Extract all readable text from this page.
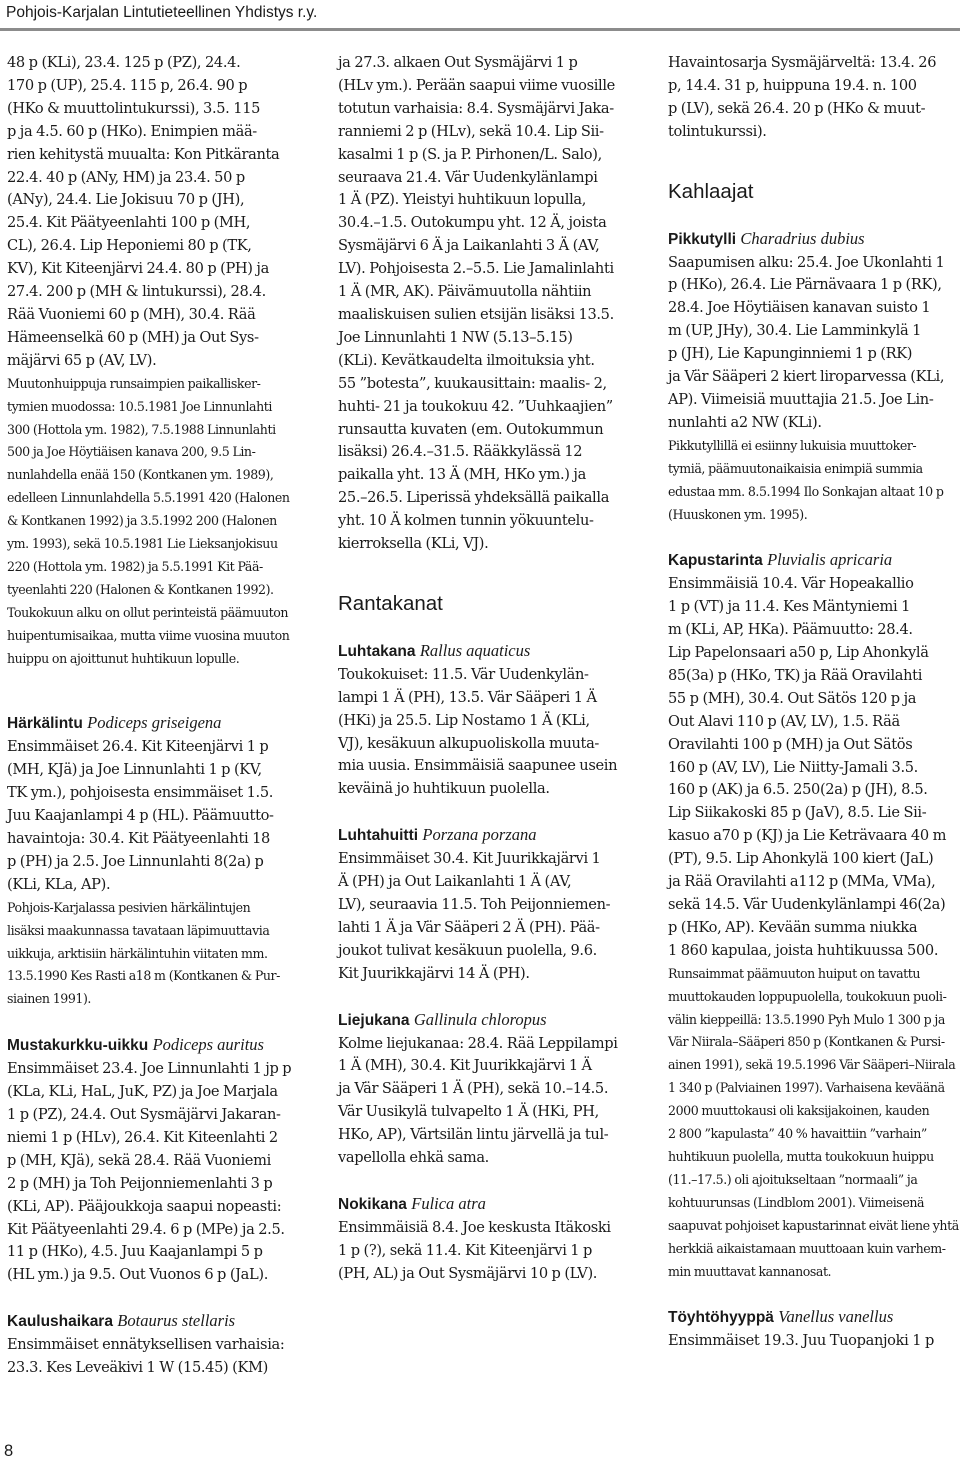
Pohjois-Karjalan Lintutieteellinen Yhdistys r.y.

48 p (KLi), 23.4. 125 p (PZ), 24.4.
170 p (UP), 25.4. 115 p, 26.4. 90 p
(HKo & muuttolintukurssi), 3.5. 115
p ja 4.5. 60 p (HKo). Enimpien mää-
rien kehitystä muualta: Kon Pitkäranta
22.4. 40 p (ANy, HM) ja 23.4. 50 p
(ANy), 24.4. Lie Jokisuu 70 p (JH),
25.4. Kit Päätyeenlahti 100 p (MH,
CL), 26.4. Lip Heponiemi 80 p (TK,
KV), Kit Kiteenjärvi 24.4. 80 p (PH) ja
27.4. 200 p (MH & lintukurssi), 28.4.
Rää Vuoniemi 60 p (MH), 30.4. Rää
Hämeenselkä 60 p (MH) ja Out Sys-
mäjärvi 65 p (AV, LV).

Muutonhuippuja runsaimpien paikallisker-
tymien muodossa: 10.5.1981 Joe Linnunlahti
300 (Hottola ym. 1982), 7.5.1988 Linnunlahti
500 ja Joe Höytiäisen kanava 200, 9.5 Lin-
nunlahdella enää 150 (Kontkanen ym. 1989),
edelleen Linnunlahdella 5.5.1991 420 (Halonen
& Kontkanen 1992) ja 3.5.1992 200 (Halonen
ym. 1993), sekä 10.5.1981 Lie Lieksanjokisuu
220 (Hottola ym. 1982) ja 5.5.1991 Kit Pää-
tyeenlahti 220 (Halonen & Kontkanen 1992).
Toukokuun alku on ollut perinteistä päämuuton
huipentumisaikaa, mutta viime vuosina muuton
huippu on ajoittunut huhtikuun lopulle.

Härkälintu Podiceps griseigena

Ensimmäiset 26.4. Kit Kiteenjärvi 1 p
(MH, KJä) ja Joe Linnunlahti 1 p (KV,
TK ym.), pohjoisesta ensimmäiset 1.5.
Juu Kaajanlampi 4 p (HL). Päämuutto-
havaintoja: 30.4. Kit Päätyeenlahti 18
p (PH) ja 2.5. Joe Linnunlahti 8(2a) p
(KLi, KLa, AP).

Pohjois-Karjalassa pesivien härkälintujen
lisäksi maakunnassa tavataan läpimuuttavia
uikkuja, arktisiin härkälintuhin viitaten mm.
13.5.1990 Kes Rasti a18 m (Kontkanen & Pur-
siainen 1991).

Mustakurkku-uikku Podiceps auritus

Ensimmäiset 23.4. Joe Linnunlahti 1 jp p
(KLa, KLi, HaL, JuK, PZ) ja Joe Marjala
1 p (PZ), 24.4. Out Sysmäjärvi Jakaran-
niemi 1 p (HLv), 26.4. Kit Kiteenlahti 2
p (MH, KJä), sekä 28.4. Rää Vuoniemi
2 p (MH) ja Toh Peijonniemenlahti 3 p
(KLi, AP). Pääjoukkoja saapui nopeasti:
Kit Päätyeenlahti 29.4. 6 p (MPe) ja 2.5.
11 p (HKo), 4.5. Juu Kaajanlampi 5 p
(HL ym.) ja 9.5. Out Vuonos 6 p (JaL).

Kaulushaikara Botaurus stellaris

Ensimmäiset ennätyksellisen varhaisia:
23.3. Kes Leveäkivi 1 W (15.45) (KM)

ja 27.3. alkaen Out Sysmäjärvi 1 p
(HLv ym.). Perään saapui viime vuosille
totutun varhaisia: 8.4. Sysmäjärvi Jaka-
ranniemi 2 p (HLv), sekä 10.4. Lip Sii-
kasalmi 1 p (S. ja P. Pirhonen/L. Salo),
seuraava 21.4. Vär Uudenkylänlampi
1 Ä (PZ). Yleistyi huhtikuun lopulla,
30.4.–1.5. Outokumpu yht. 12 Ä, joista
Sysmäjärvi 6 Ä ja Laikanlahti 3 Ä (AV,
LV). Pohjoisesta 2.–5.5. Lie Jamalinlahti
1 Ä (MR, AK). Päivämuutolla nähtiin
maaliskuisen sulien etsijän lisäksi 13.5.
Joe Linnunlahti 1 NW (5.13–5.15)
(KLi). Kevätkaudelta ilmoituksia yht.
55 ”botesta”, kuukausittain: maalis- 2,
huhti- 21 ja toukokuu 42. ”Uuhkaajien”
runsautta kuvaten (em. Outokummun
lisäksi) 26.4.–31.5. Rääkkylässä 12
paikalla yht. 13 Ä (MH, HKo ym.) ja
25.–26.5. Liperissä yhdeksällä paikalla
yht. 10 Ä kolmen tunnin yökuuntelu-
kierroksella (KLi, VJ).

Rantakanat
Luhtakana Rallus aquaticus

Toukokuiset: 11.5. Vär Uudenkylän-
lampi 1 Ä (PH), 13.5. Vär Sääperi 1 Ä
(HKi) ja 25.5. Lip Nostamo 1 Ä (KLi,
VJ), kesäkuun alkupuoliskolla muuta-
mia uusia. Ensimmäisiä saapunee usein
keväinä jo huhtikuun puolella.

Luhtahuitti Porzana porzana

Ensimmäiset 30.4. Kit Juurikkajärvi 1
Ä (PH) ja Out Laikanlahti 1 Ä (AV,
LV), seuraavia 11.5. Toh Peijonniemen-
lahti 1 Ä ja Vär Sääperi 2 Ä (PH). Pää-
joukot tulivat kesäkuun puolella, 9.6.
Kit Juurikkajärvi 14 Ä (PH).

Liejukana Gallinula chloropus

Kolme liejukanaa: 28.4. Rää Leppilampi
1 Ä (MH), 30.4. Kit Juurikkajärvi 1 Ä
ja Vär Sääperi 1 Ä (PH), sekä 10.–14.5.
Vär Uusikylä tulvapelto 1 Ä (HKi, PH,
HKo, AP), Värtsilän lintu järvellä ja tul-
vapellolla ehkä sama.

Nokikana Fulica atra

Ensimmäisiä 8.4. Joe keskusta Itäkoski
1 p (?), sekä 11.4. Kit Kiteenjärvi 1 p
(PH, AL) ja Out Sysmäjärvi 10 p (LV).

Havaintosarja Sysmäjärveltä: 13.4. 26
p, 14.4. 31 p, huippuna 19.4. n. 100
p (LV), sekä 26.4. 20 p (HKo & muut-
tolintukurssi).

Kahlaajat
Pikkutylli Charadrius dubius

Saapumisen alku: 25.4. Joe Ukonlahti 1
p (HKo), 26.4. Lie Pärnävaara 1 p (RK),
28.4. Joe Höytiäisen kanavan suisto 1
m (UP, JHy), 30.4. Lie Lamminkylä 1
p (JH), Lie Kapunginniemi 1 p (RK)
ja Vär Sääperi 2 kiert liroparvessa (KLi,
AP). Viimeisiä muuttajia 21.5. Joe Lin-
nunlahti a2 NW (KLi).

Pikkutyllillä ei esiinny lukuisia muuttoker-
tymiä, päämuutonaikaisia enimpiä summia
edustaa mm. 8.5.1994 Ilo Sonkajan altaat 10 p
(Huuskonen ym. 1995).

Kapustarinta Pluvialis apricaria

Ensimmäisiä 10.4. Vär Hopeakallio
1 p (VT) ja 11.4. Kes Mäntyniemi 1
m (KLi, AP, HKa). Päämuutto: 28.4.
Lip Papelonsaari a50 p, Lip Ahonkylä
85(3a) p (HKo, TK) ja Rää Oravilahti
55 p (MH), 30.4. Out Sätös 120 p ja
Out Alavi 110 p (AV, LV), 1.5. Rää
Oravilahti 100 p (MH) ja Out Sätös
160 p (AV, LV), Lie Niitty-Jamali 3.5.
160 p (AK) ja 6.5. 250(2a) p (JH), 8.5.
Lip Siikakoski 85 p (JaV), 8.5. Lie Sii-
kasuo a70 p (KJ) ja Lie Keträvaara 40 m
(PT), 9.5. Lip Ahonkylä 100 kiert (JaL)
ja Rää Oravilahti a112 p (MMa, VMa),
sekä 14.5. Vär Uudenkylänlampi 46(2a)
p (HKo, AP). Kevään summa niukka
1 860 kapulaa, joista huhtikuussa 500.

Runsaimmat päämuuton huiput on tavattu
muuttokauden loppupuolella, toukokuun puoli-
välin kieppeillä: 13.5.1990 Pyh Mulo 1 300 p ja
Vär Niirala–Sääperi 850 p (Kontkanen & Pursi-
ainen 1991), sekä 19.5.1996 Vär Sääperi–Niirala
1 340 p (Palviainen 1997). Varhaisena keväänä
2000 muuttokausi oli kaksijakoinen, kauden
2 800 ”kapulasta” 40 % havaittiin ”varhain”
huhtikuun puolella, mutta toukokuun huippu
(11.–17.5.) oli ajoitukseltaan ”normaali” ja
kohtuurunsas (Lindblom 2001). Viimeisenä
saapuvat pohjoiset kapustarinnat eivät liene yhtä
herkkiä aikaistamaan muuttoaan kuin varhem-
min muuttavat kannanosat.

Töyhtöhyyppä Vanellus vanellus

Ensimmäiset 19.3. Juu Tuopanjoki 1 p

8
